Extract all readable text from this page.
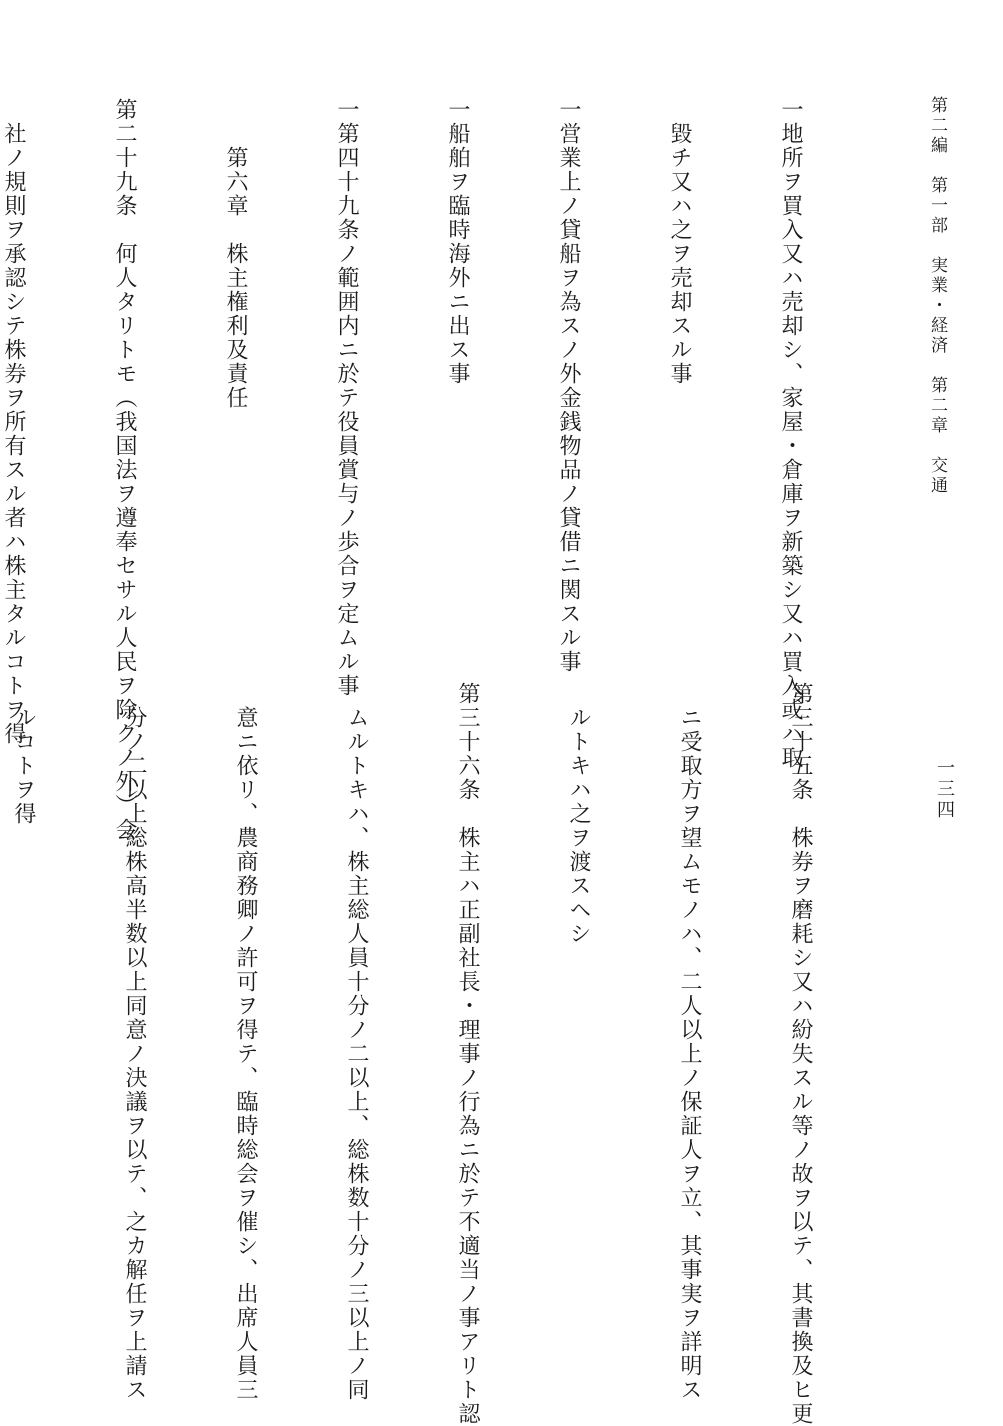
第二編　第一部　実業・経済　第二章　交通
一三四

一地所ヲ買入又ハ売却シ、家屋・倉庫ヲ新築シ又ハ買入或ハ取

　毀チ又ハ之ヲ売却スル事

一営業上ノ貸船ヲ為スノ外金銭物品ノ貸借ニ関スル事

一船舶ヲ臨時海外ニ出ス事

一第四十九条ノ範囲内ニ於テ役員賞与ノ歩合ヲ定ムル事

　　第六章　株主権利及責任

第二十九条　何人タリトモ（我国法ヲ遵奉セサル人民ヲ除クノ外）会

　社ノ規則ヲ承認シテ株券ヲ所有スル者ハ株主タルコトヲ得

第三十五条　株券ヲ磨耗シ又ハ紛失スル等ノ故ヲ以テ、其書換及ヒ更

　ニ受取方ヲ望ムモノハ、二人以上ノ保証人ヲ立、其事実ヲ詳明ス

　ルトキハ之ヲ渡スヘシ

第三十六条　株主ハ正副社長・理事ノ行為ニ於テ不適当ノ事アリト認

　ムルトキハ、株主総人員十分ノ二以上、総株数十分ノ三以上ノ同

　意ニ依リ、農商務卿ノ許可ヲ得テ、臨時総会ヲ催シ、出席人員三

　分ノ二以上総株高半数以上同意ノ決議ヲ以テ、之カ解任ヲ上請ス

　ルコトヲ得
